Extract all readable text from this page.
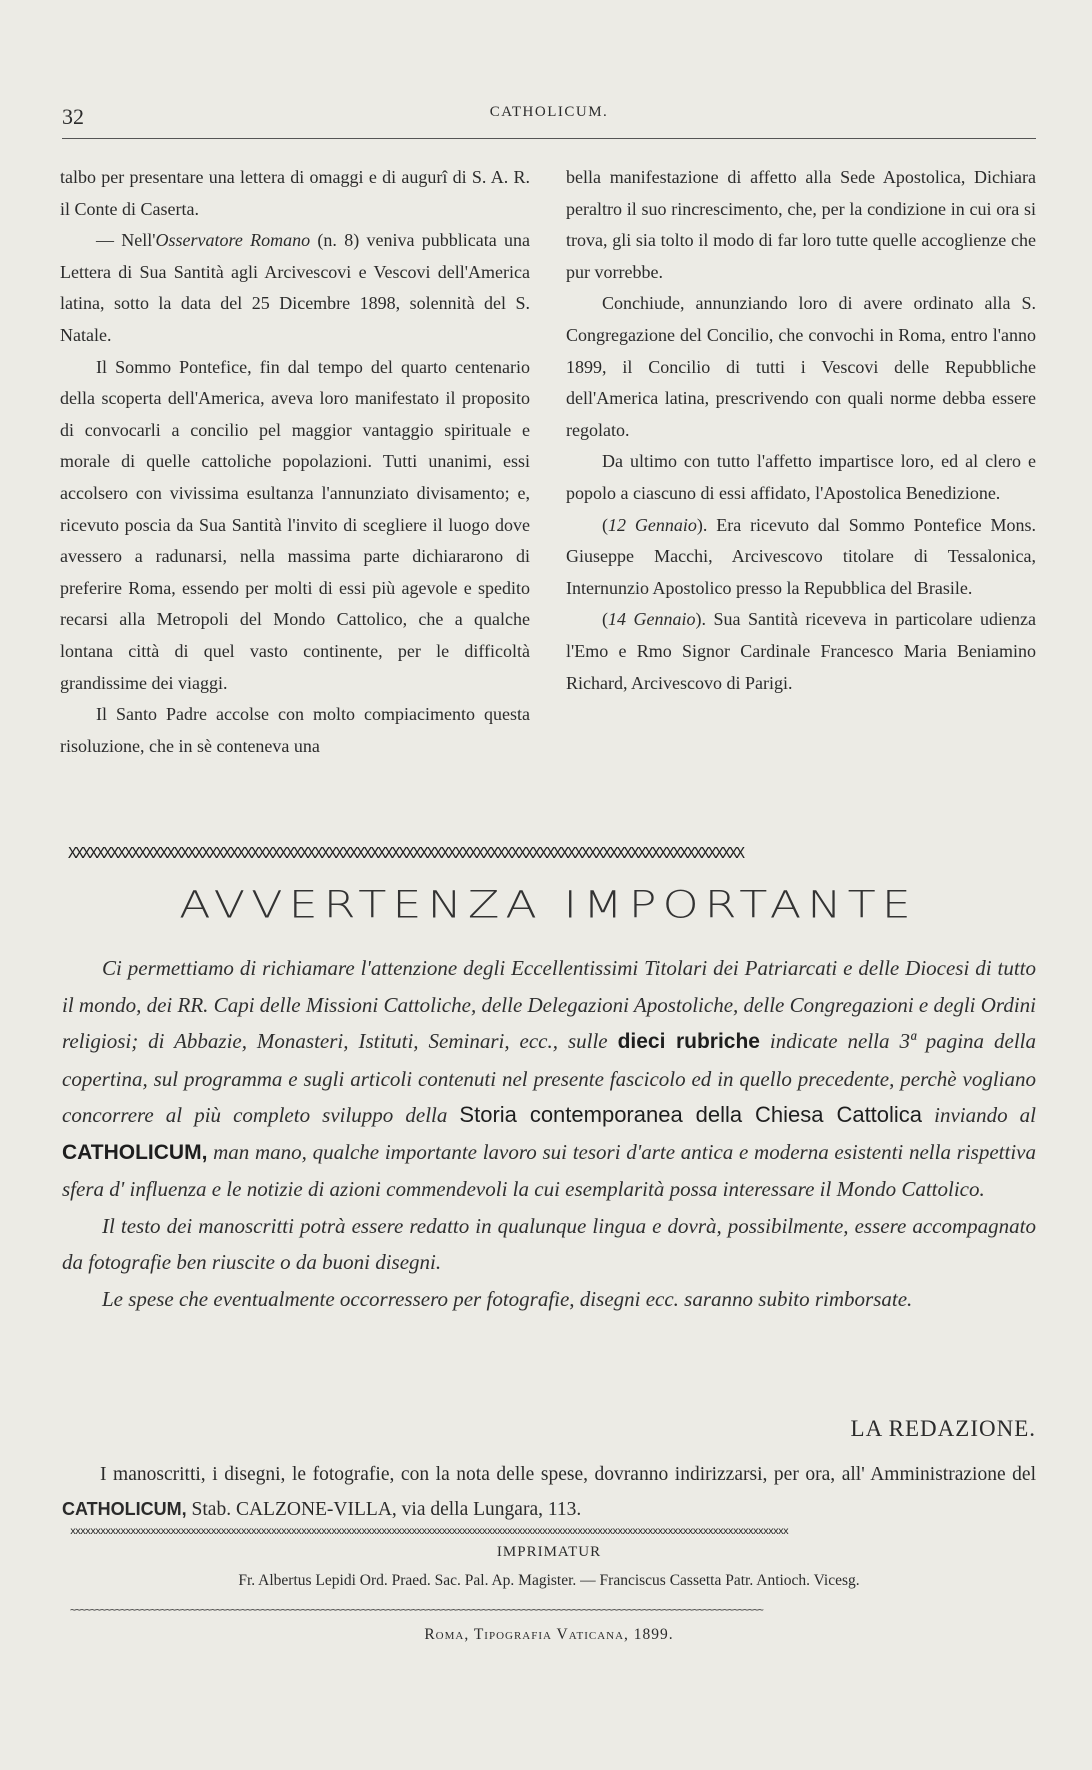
32	CATHOLICUM.

talbo per presentare una lettera di omaggi e di augurî di S. A. R. il Conte di Caserta.

— Nell'Osservatore Romano (n. 8) veniva pubblicata una Lettera di Sua Santità agli Arcivescovi e Vescovi dell'America latina, sotto la data del 25 Dicembre 1898, solennità del S. Natale.

Il Sommo Pontefice, fin dal tempo del quarto centenario della scoperta dell'America, aveva loro manifestato il proposito di convocarli a concilio pel maggior vantaggio spirituale e morale di quelle cattoliche popolazioni. Tutti unanimi, essi accolsero con vivissima esultanza l'annunziato divisamento; e, ricevuto poscia da Sua Santità l'invito di scegliere il luogo dove avessero a radunarsi, nella massima parte dichiararono di preferire Roma, essendo per molti di essi più agevole e spedito recarsi alla Metropoli del Mondo Cattolico, che a qualche lontana città di quel vasto continente, per le difficoltà grandissime dei viaggi.

Il Santo Padre accolse con molto compiacimento questa risoluzione, che in sè conteneva una

bella manifestazione di affetto alla Sede Apostolica, Dichiara peraltro il suo rincrescimento, che, per la condizione in cui ora si trova, gli sia tolto il modo di far loro tutte quelle accoglienze che pur vorrebbe.

Conchiude, annunziando loro di avere ordinato alla S. Congregazione del Concilio, che convochi in Roma, entro l'anno 1899, il Concilio di tutti i Vescovi delle Repubbliche dell'America latina, prescrivendo con quali norme debba essere regolato.

Da ultimo con tutto l'affetto impartisce loro, ed al clero e popolo a ciascuno di essi affidato, l'Apostolica Benedizione.

(12 Gennaio). Era ricevuto dal Sommo Pontefice Mons. Giuseppe Macchi, Arcivescovo titolare di Tessalonica, Internunzio Apostolico presso la Repubblica del Brasile.

(14 Gennaio). Sua Santità riceveva in particolare udienza l'Emo e Rmo Signor Cardinale Francesco Maria Beniamino Richard, Arcivescovo di Parigi.

XXXXXXXXXXXXXXXXXXXXXXXXXXXXXXXXXXXXXXXXXXXXXXXXXXXXXXXXXXXXXXXXXXXXXXXXXXXXXXXXXXXXXXXXXXXXXXXX
AVVERTENZA IMPORTANTE

Ci permettiamo di richiamare l'attenzione degli Eccellentissimi Titolari dei Patriarcati e delle Diocesi di tutto il mondo, dei RR. Capi delle Missioni Cattoliche, delle Delegazioni Apostoliche, delle Congregazioni e degli Ordini religiosi; di Abbazie, Monasteri, Istituti, Seminari, ecc., sulle dieci rubriche indicate nella 3ª pagina della copertina, sul programma e sugli articoli contenuti nel presente fascicolo ed in quello precedente, perchè vogliano concorrere al più completo sviluppo della Storia contemporanea della Chiesa Cattolica inviando al CATHOLICUM, man mano, qualche importante lavoro sui tesori d'arte antica e moderna esistenti nella rispettiva sfera d' influenza e le notizie di azioni commendevoli la cui esemplarità possa interessare il Mondo Cattolico.

Il testo dei manoscritti potrà essere redatto in qualunque lingua e dovrà, possibilmente, essere accompagnato da fotografie ben riuscite o da buoni disegni.

Le spese che eventualmente occorressero per fotografie, disegni ecc. saranno subito rimborsate.

LA REDAZIONE.

I manoscritti, i disegni, le fotografie, con la nota delle spese, dovranno indirizzarsi, per ora, all' Amministrazione del CATHOLICUM, Stab. CALZONE-VILLA, via della Lungara, 113.

xxxxxxxxxxxxxxxxxxxxxxxxxxxxxxxxxxxxxxxxxxxxxxxxxxxxxxxxxxxxxxxxxxxxxxxxxxxxxxxxxxxxxxxxxxxxxxxxxxxxxxxxxxxxxxxxxxxxxxxxxxxxxxxxxxxxxxxxxxxxxxx
IMPRIMATUR
Fr. Albertus Lepidi Ord. Praed. Sac. Pal. Ap. Magister. — Franciscus Cassetta Patr. Antioch. Vicesg.
~~~~~~~~~~~~~~~~~~~~~~~~~~~~~~~~~~~~~~~~~~~~~~~~~~~~~~~~~~~~~~~~~~~~~~~~~~~~~~~~~~~~~~~~~~~~~~~~~~~~~~~~~~~~~~~~~~~~~~~~~~~~~~~~~~~~~~~~~~
Roma, Tipografia Vaticana, 1899.
